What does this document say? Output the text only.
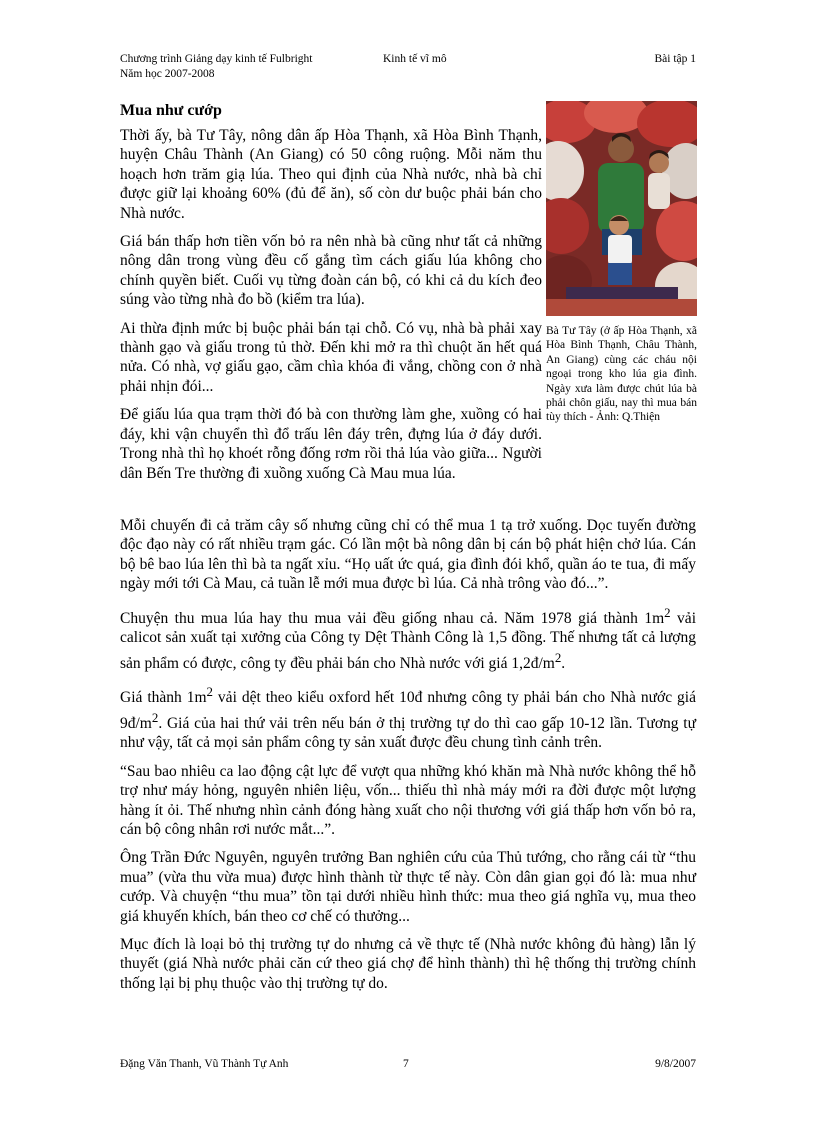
Chương trình Giảng dạy kinh tế Fulbright
Năm học 2007-2008
Kinh tế vĩ mô	Bài tập 1
Mua như cướp

Thời ấy, bà Tư Tây, nông dân ấp Hòa Thạnh, xã Hòa Bình Thạnh, huyện Châu Thành (An Giang) có 50 công ruộng. Mỗi năm thu hoạch hơn trăm giạ lúa. Theo qui định của Nhà nước, nhà bà chỉ được giữ lại khoảng 60% (đủ để ăn), số còn dư buộc phải bán cho Nhà nước.

Giá bán thấp hơn tiền vốn bỏ ra nên nhà bà cũng như tất cả những nông dân trong vùng đều cố gắng tìm cách giấu lúa không cho chính quyền biết. Cuối vụ từng đoàn cán bộ, có khi cả du kích đeo súng vào từng nhà đo bồ (kiểm tra lúa).

Ai thừa định mức bị buộc phải bán tại chỗ. Có vụ, nhà bà phải xay thành gạo và giấu trong tủ thờ. Đến khi mở ra thì chuột ăn hết quá nửa. Có nhà, vợ giấu gạo, cầm chìa khóa đi vắng, chồng con ở nhà phải nhịn đói...

Để giấu lúa qua trạm thời đó bà con thường làm ghe, xuồng có hai đáy, khi vận chuyển thì đổ trấu lên đáy trên, đựng lúa ở đáy dưới. Trong nhà thì họ khoét rỗng đống rơm rồi thả lúa vào giữa... Người dân Bến Tre thường đi xuồng xuống Cà Mau mua lúa.

Bà Tư Tây (ở ấp Hòa Thạnh, xã Hòa Bình Thạnh, Châu Thành, An Giang) cùng các cháu nội ngoại trong kho lúa gia đình. Ngày xưa làm được chút lúa bà phải chôn giấu, nay thì mua bán tùy thích - Ảnh: Q.Thiện

Mỗi chuyến đi cả trăm cây số nhưng cũng chỉ có thể mua 1 tạ trở xuống. Dọc tuyến đường độc đạo này có rất nhiều trạm gác. Có lần một bà nông dân bị cán bộ phát hiện chở lúa. Cán bộ bê bao lúa lên thì bà ta ngất xỉu. “Họ uất ức quá, gia đình đói khổ, quần áo te tua, đi mấy ngày mới tới Cà Mau, cả tuần lễ mới mua được bì lúa. Cả nhà trông vào đó...”.

Chuyện thu mua lúa hay thu mua vải đều giống nhau cả. Năm 1978 giá thành $1m^2$ vải calicot sản xuất tại xưởng của Công ty Dệt Thành Công là 1,5 đồng. Thế nhưng tất cả lượng sản phẩm có được, công ty đều phải bán cho Nhà nước với giá $1,2đ/m^2$.

Giá thành $1m^2$ vải dệt theo kiểu oxford hết 10đ nhưng công ty phải bán cho Nhà nước giá $9đ/m^2$. Giá của hai thứ vải trên nếu bán ở thị trường tự do thì cao gấp 10-12 lần. Tương tự như vậy, tất cả mọi sản phẩm công ty sản xuất được đều chung tình cảnh trên.

“Sau bao nhiêu ca lao động cật lực để vượt qua những khó khăn mà Nhà nước không thể hỗ trợ như máy hỏng, nguyên nhiên liệu, vốn... thiếu thì nhà máy mới ra đời được một lượng hàng ít ỏi. Thế nhưng nhìn cảnh đóng hàng xuất cho nội thương với giá thấp hơn vốn bỏ ra, cán bộ công nhân rơi nước mắt...”.

Ông Trần Đức Nguyên, nguyên trưởng Ban nghiên cứu của Thủ tướng, cho rằng cái từ “thu mua” (vừa thu vừa mua) được hình thành từ thực tế này. Còn dân gian gọi đó là: mua như cướp. Và chuyện “thu mua” tồn tại dưới nhiều hình thức: mua theo giá nghĩa vụ, mua theo giá khuyến khích, bán theo cơ chế có thưởng...

Mục đích là loại bỏ thị trường tự do nhưng cả về thực tế (Nhà nước không đủ hàng) lẫn lý thuyết (giá Nhà nước phải căn cứ theo giá chợ để hình thành) thì hệ thống thị trường chính thống lại bị phụ thuộc vào thị trường tự do.

Đặng Văn Thanh, Vũ Thành Tự Anh	7	9/8/2007
